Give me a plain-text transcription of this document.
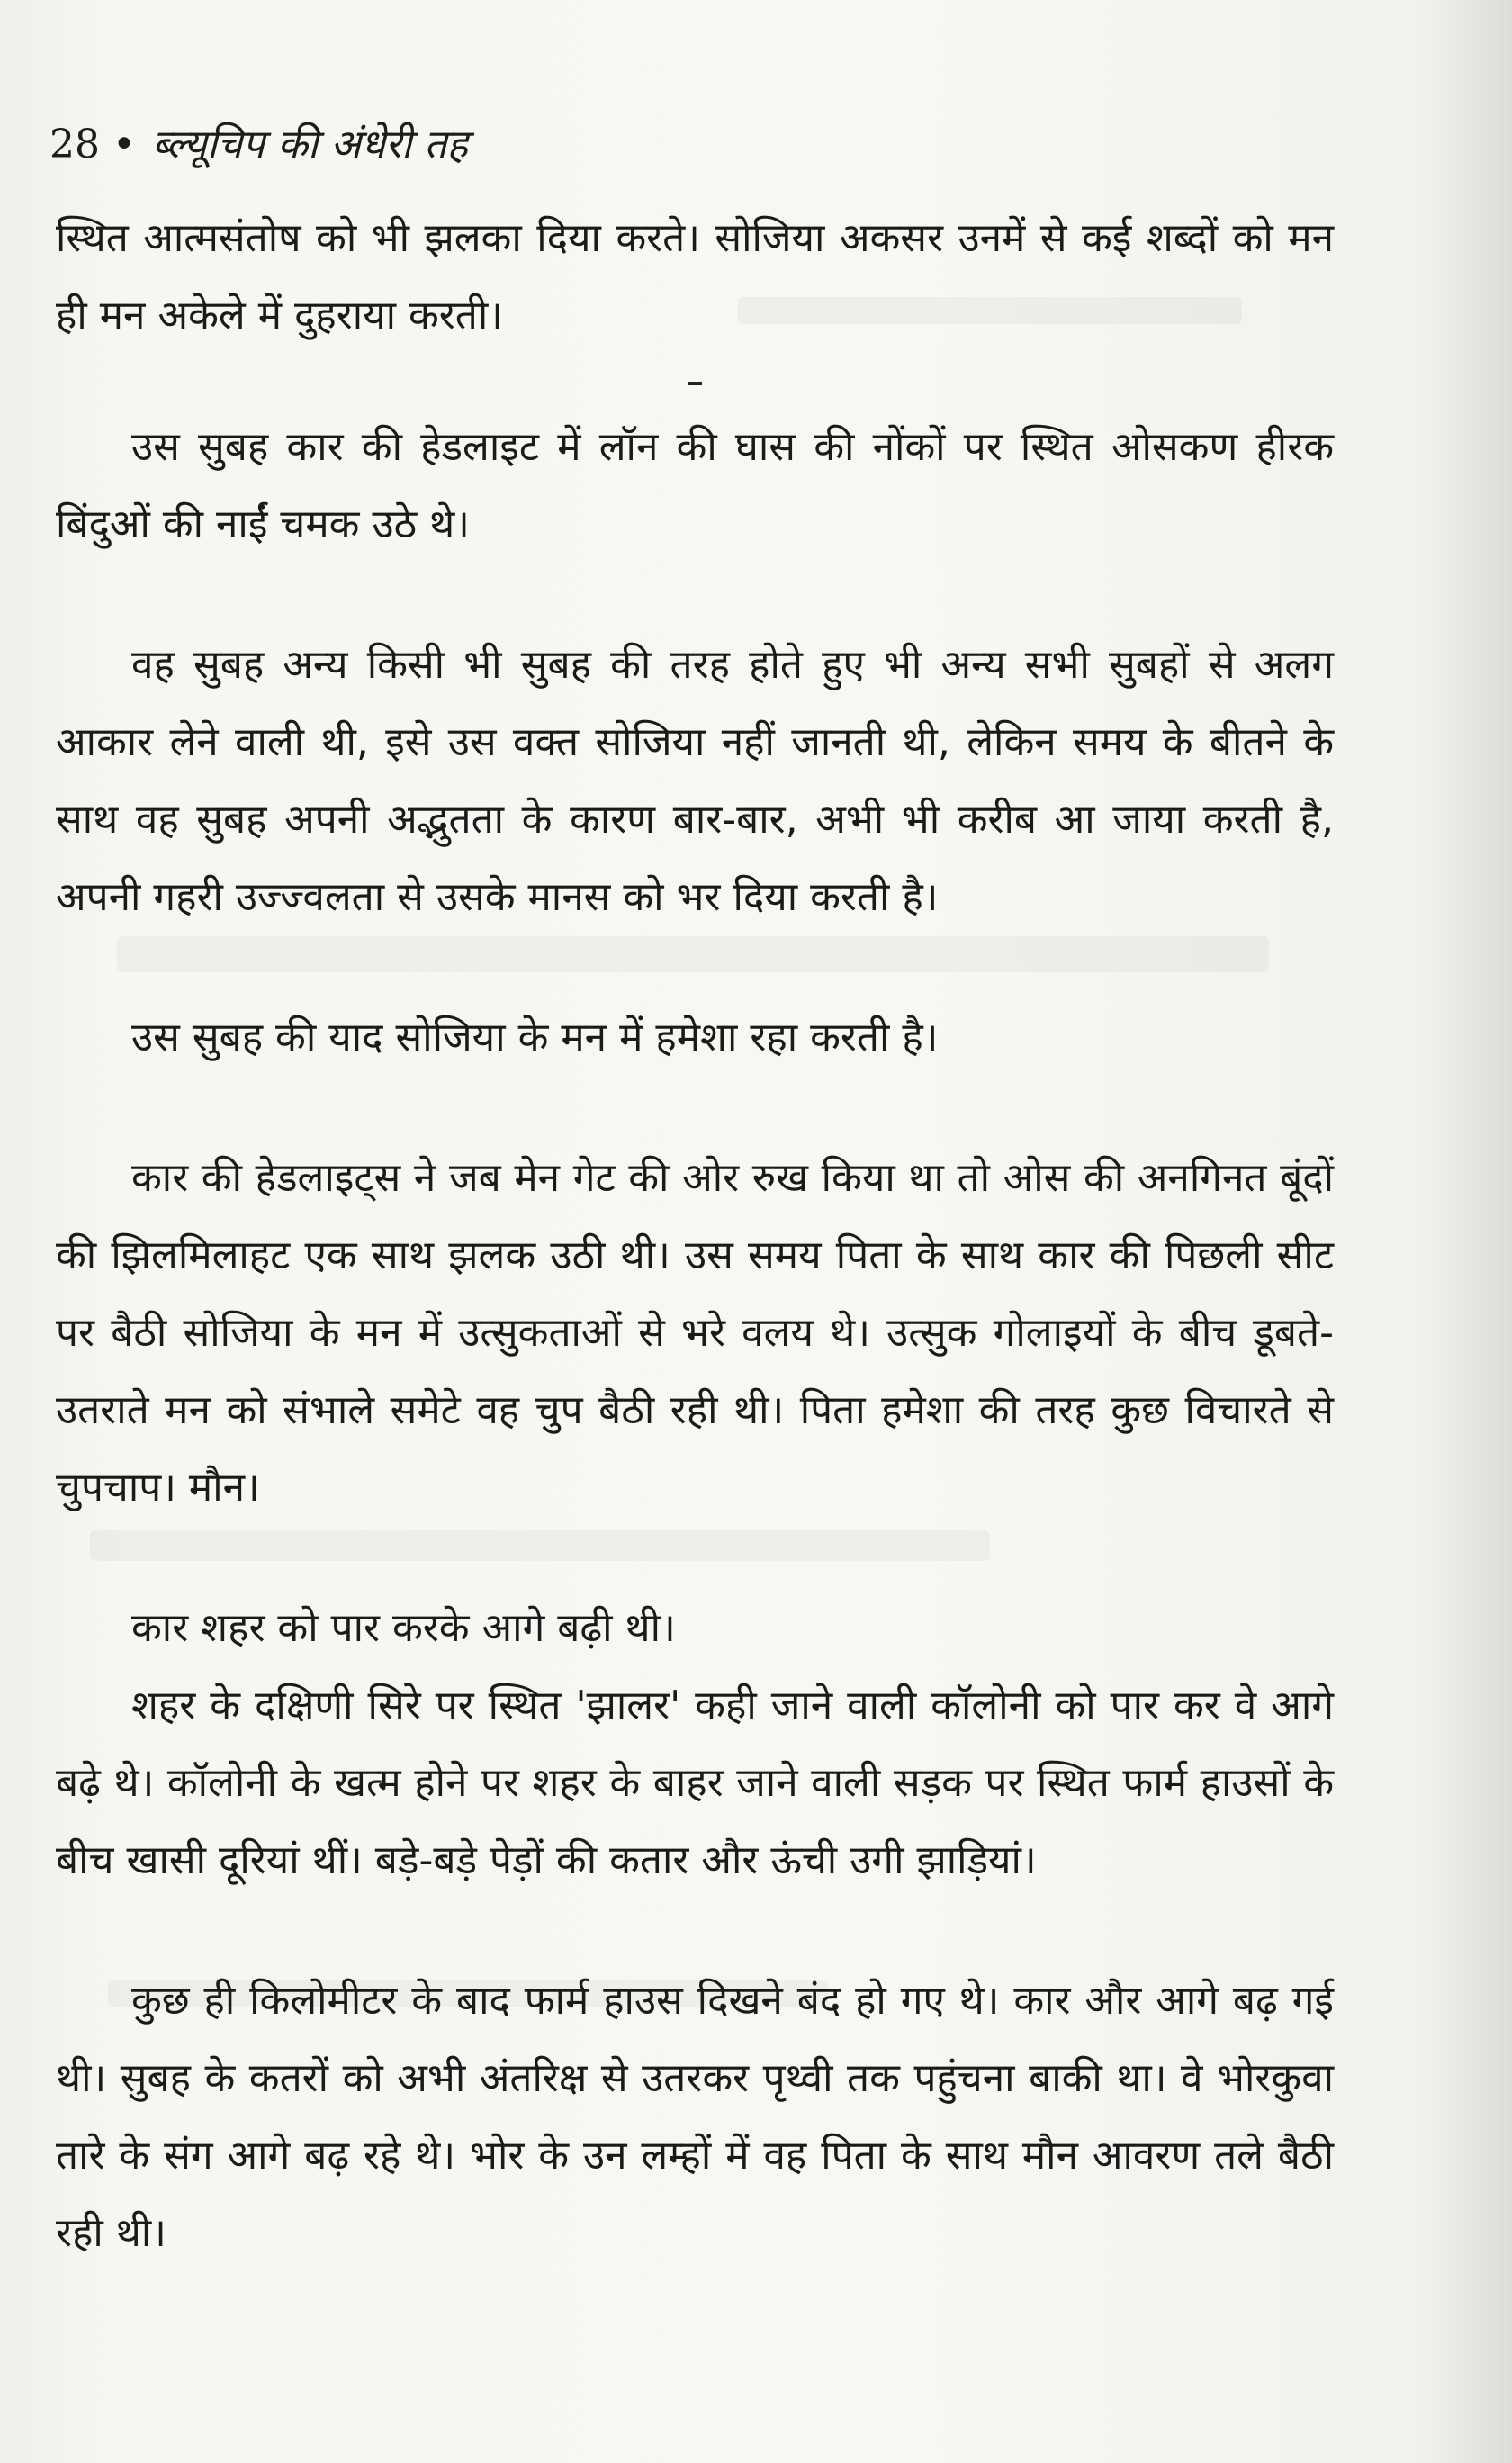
28 • ब्ल्यूचिप की अंधेरी तह

स्थित आत्मसंतोष को भी झलका दिया करते। सोजिया अकसर उनमें से कई शब्दों को मन ही मन अकेले में दुहराया करती।

उस सुबह कार की हेडलाइट में लॉन की घास की नोंकों पर स्थित ओसकण हीरक बिंदुओं की नाईं चमक उठे थे।

वह सुबह अन्य किसी भी सुबह की तरह होते हुए भी अन्य सभी सुबहों से अलग आकार लेने वाली थी, इसे उस वक्त सोजिया नहीं जानती थी, लेकिन समय के बीतने के साथ वह सुबह अपनी अद्भुतता के कारण बार-बार, अभी भी करीब आ जाया करती है, अपनी गहरी उज्ज्वलता से उसके मानस को भर दिया करती है।

उस सुबह की याद सोजिया के मन में हमेशा रहा करती है।

कार की हेडलाइट्स ने जब मेन गेट की ओर रुख किया था तो ओस की अनगिनत बूंदों की झिलमिलाहट एक साथ झलक उठी थी। उस समय पिता के साथ कार की पिछली सीट पर बैठी सोजिया के मन में उत्सुकताओं से भरे वलय थे। उत्सुक गोलाइयों के बीच डूबते-उतराते मन को संभाले समेटे वह चुप बैठी रही थी। पिता हमेशा की तरह कुछ विचारते से चुपचाप। मौन।

कार शहर को पार करके आगे बढ़ी थी।

शहर के दक्षिणी सिरे पर स्थित 'झालर' कही जाने वाली कॉलोनी को पार कर वे आगे बढ़े थे। कॉलोनी के खत्म होने पर शहर के बाहर जाने वाली सड़क पर स्थित फार्म हाउसों के बीच खासी दूरियां थीं। बड़े-बड़े पेड़ों की कतार और ऊंची उगी झाड़ियां।

कुछ ही किलोमीटर के बाद फार्म हाउस दिखने बंद हो गए थे। कार और आगे बढ़ गई थी। सुबह के कतरों को अभी अंतरिक्ष से उतरकर पृथ्वी तक पहुंचना बाकी था। वे भोरकुवा तारे के संग आगे बढ़ रहे थे। भोर के उन लम्हों में वह पिता के साथ मौन आवरण तले बैठी रही थी।
